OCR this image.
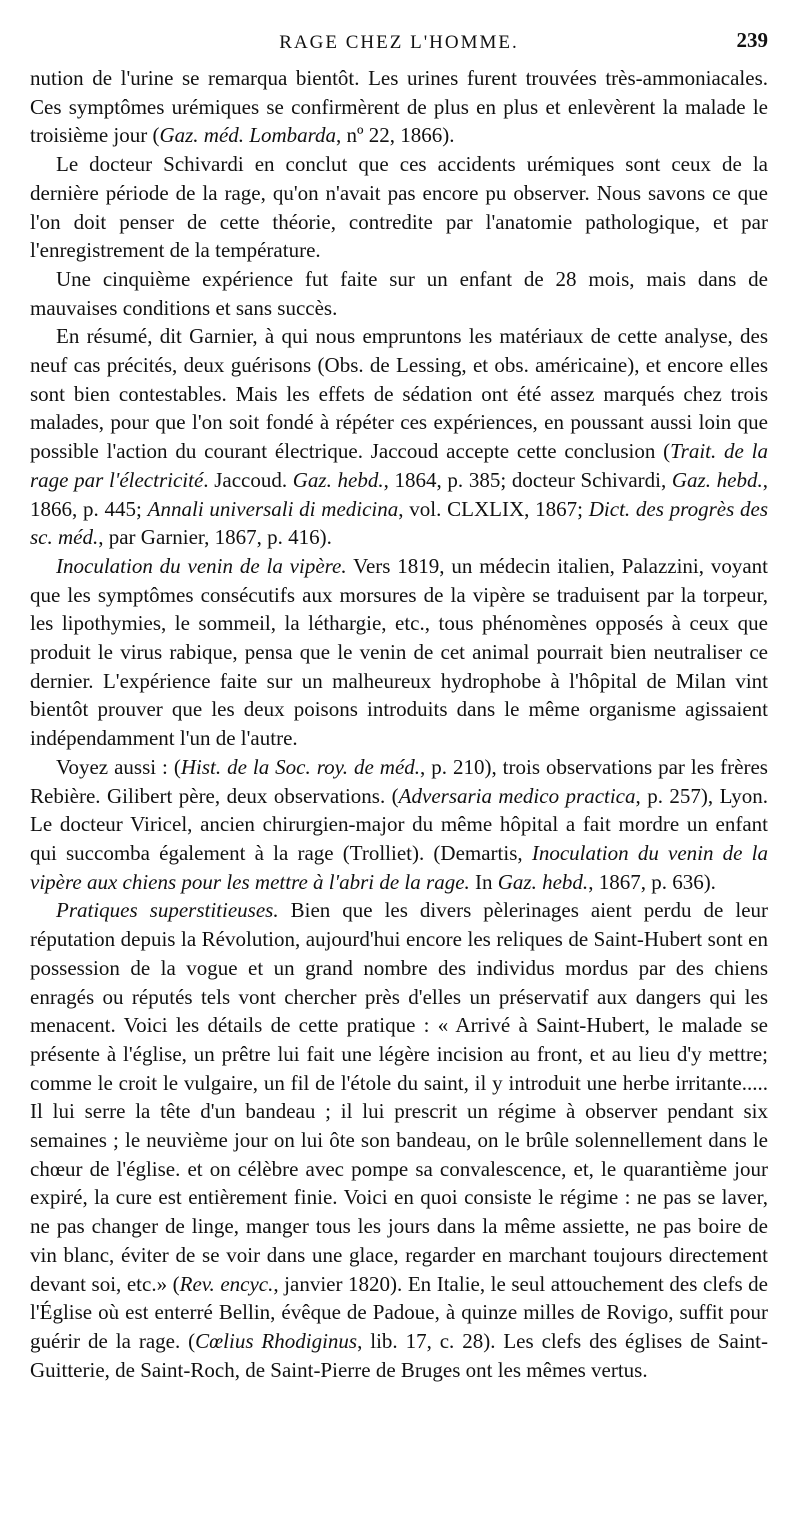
RAGE CHEZ L'HOMME.	239

nution de l'urine se remarqua bientôt. Les urines furent trouvées très-ammoniacales. Ces symptômes urémiques se confirmèrent de plus en plus et enlevèrent la malade le troisième jour (Gaz. méd. Lombarda, nº 22, 1866).

Le docteur Schivardi en conclut que ces accidents urémiques sont ceux de la dernière période de la rage, qu'on n'avait pas encore pu observer. Nous savons ce que l'on doit penser de cette théorie, contredite par l'anatomie pathologique, et par l'enregistrement de la température.

Une cinquième expérience fut faite sur un enfant de 28 mois, mais dans de mauvaises conditions et sans succès.

En résumé, dit Garnier, à qui nous empruntons les matériaux de cette analyse, des neuf cas précités, deux guérisons (Obs. de Lessing, et obs. américaine), et encore elles sont bien contestables. Mais les effets de sédation ont été assez marqués chez trois malades, pour que l'on soit fondé à répéter ces expériences, en poussant aussi loin que possible l'action du courant électrique. Jaccoud accepte cette conclusion (Trait. de la rage par l'électricité. Jaccoud. Gaz. hebd., 1864, p. 385; docteur Schivardi, Gaz. hebd., 1866, p. 445; Annali universali di medicina, vol. CLXLIX, 1867; Dict. des progrès des sc. méd., par Garnier, 1867, p. 416).

Inoculation du venin de la vipère. Vers 1819, un médecin italien, Palazzini, voyant que les symptômes consécutifs aux morsures de la vipère se traduisent par la torpeur, les lipothymies, le sommeil, la léthargie, etc., tous phénomènes opposés à ceux que produit le virus rabique, pensa que le venin de cet animal pourrait bien neutraliser ce dernier. L'expérience faite sur un malheureux hydrophobe à l'hôpital de Milan vint bientôt prouver que les deux poisons introduits dans le même organisme agissaient indépendamment l'un de l'autre.

Voyez aussi : (Hist. de la Soc. roy. de méd., p. 210), trois observations par les frères Rebière. Gilibert père, deux observations. (Adversaria medico practica, p. 257), Lyon. Le docteur Viricel, ancien chirurgien-major du même hôpital a fait mordre un enfant qui succomba également à la rage (Trolliet). (Demartis, Inoculation du venin de la vipère aux chiens pour les mettre à l'abri de la rage. In Gaz. hebd., 1867, p. 636).

Pratiques superstitieuses. Bien que les divers pèlerinages aient perdu de leur réputation depuis la Révolution, aujourd'hui encore les reliques de Saint-Hubert sont en possession de la vogue et un grand nombre des individus mordus par des chiens enragés ou réputés tels vont chercher près d'elles un préservatif aux dangers qui les menacent. Voici les détails de cette pratique : « Arrivé à Saint-Hubert, le malade se présente à l'église, un prêtre lui fait une légère incision au front, et au lieu d'y mettre; comme le croit le vulgaire, un fil de l'étole du saint, il y introduit une herbe irritante..... Il lui serre la tête d'un bandeau ; il lui prescrit un régime à observer pendant six semaines ; le neuvième jour on lui ôte son bandeau, on le brûle solennellement dans le chœur de l'église. et on célèbre avec pompe sa convalescence, et, le quarantième jour expiré, la cure est entièrement finie. Voici en quoi consiste le régime : ne pas se laver, ne pas changer de linge, manger tous les jours dans la même assiette, ne pas boire de vin blanc, éviter de se voir dans une glace, regarder en marchant toujours directement devant soi, etc.» (Rev. encyc., janvier 1820). En Italie, le seul attouchement des clefs de l'Église où est enterré Bellin, évêque de Padoue, à quinze milles de Rovigo, suffit pour guérir de la rage. (Cœlius Rhodiginus, lib. 17, c. 28). Les clefs des églises de Saint-Guitterie, de Saint-Roch, de Saint-Pierre de Bruges ont les mêmes vertus.
